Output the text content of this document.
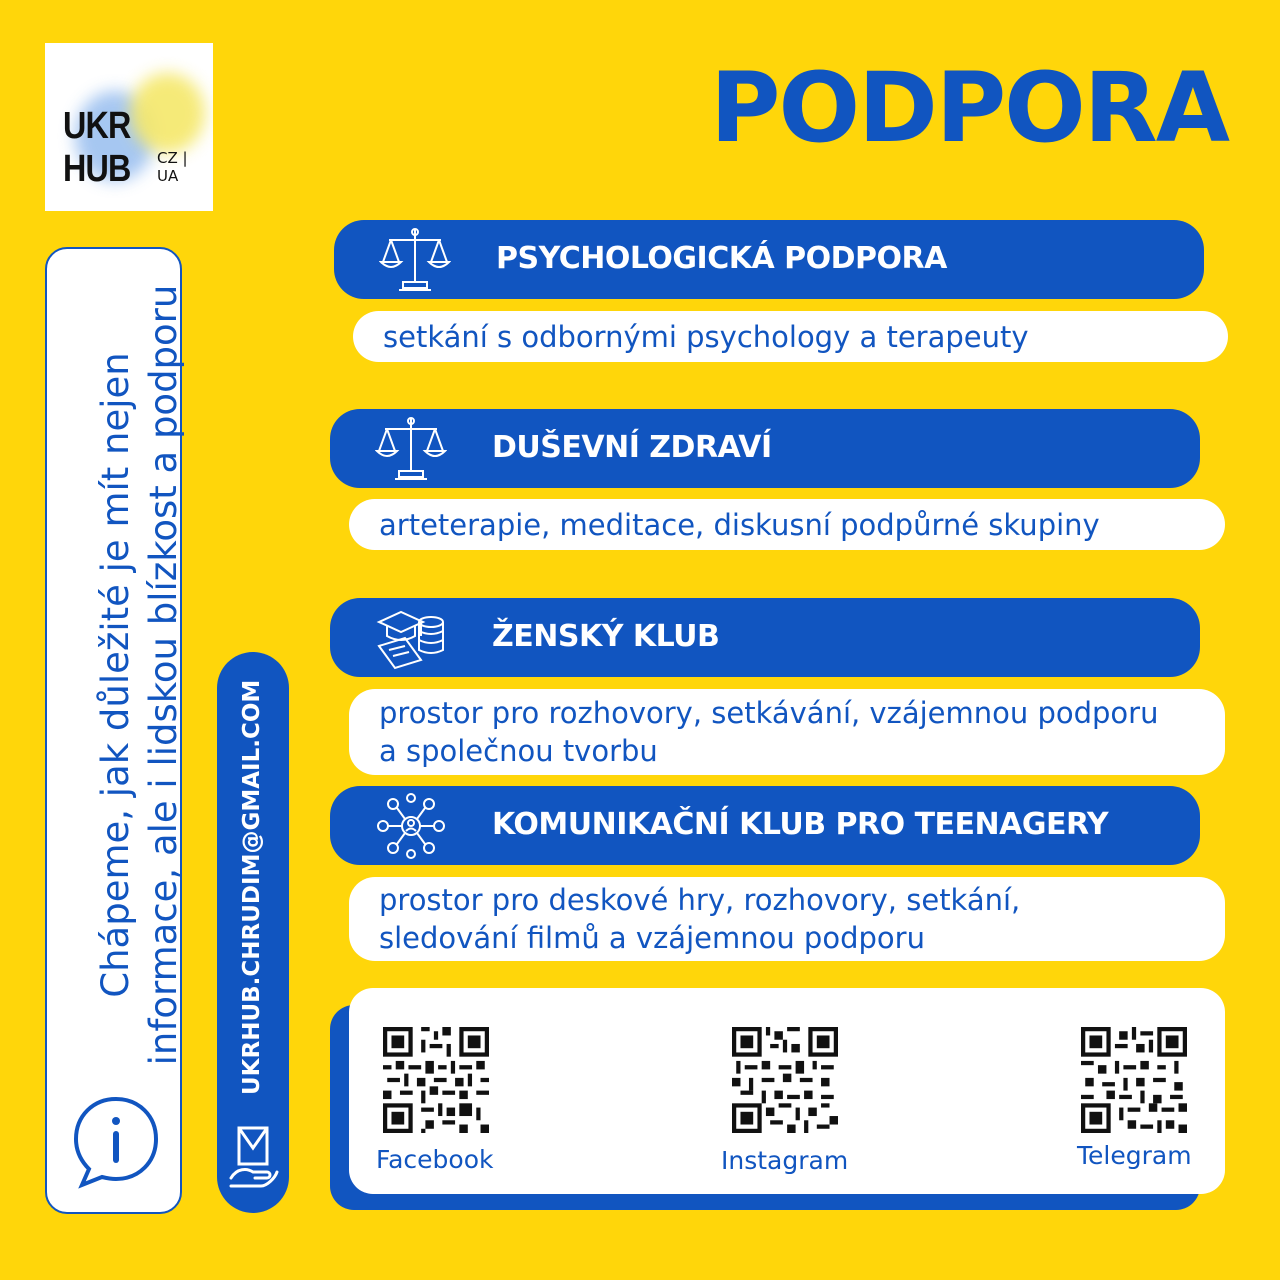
UKR HUB	CZ | UA
PODPORA
Chápeme, jak důležité je mít nejen informace, ale i lidskou blízkost a podporu UKRHUB.CHRUDIM@GMAIL.COM
PSYCHOLOGICKÁ PODPORA
setkání s odbornými psychology a terapeuty
DUŠEVNÍ ZDRAVÍ
arteterapie, meditace, diskusní podpůrné skupiny
ŽENSKÝ KLUB
prostor pro rozhovory, setkávání, vzájemnou podporu a společnou tvorbu
KOMUNIKAČNÍ KLUB PRO TEENAGERY
prostor pro deskové hry, rozhovory, setkání, sledování filmů a vzájemnou podporu
Facebook	Instagram	Telegram
